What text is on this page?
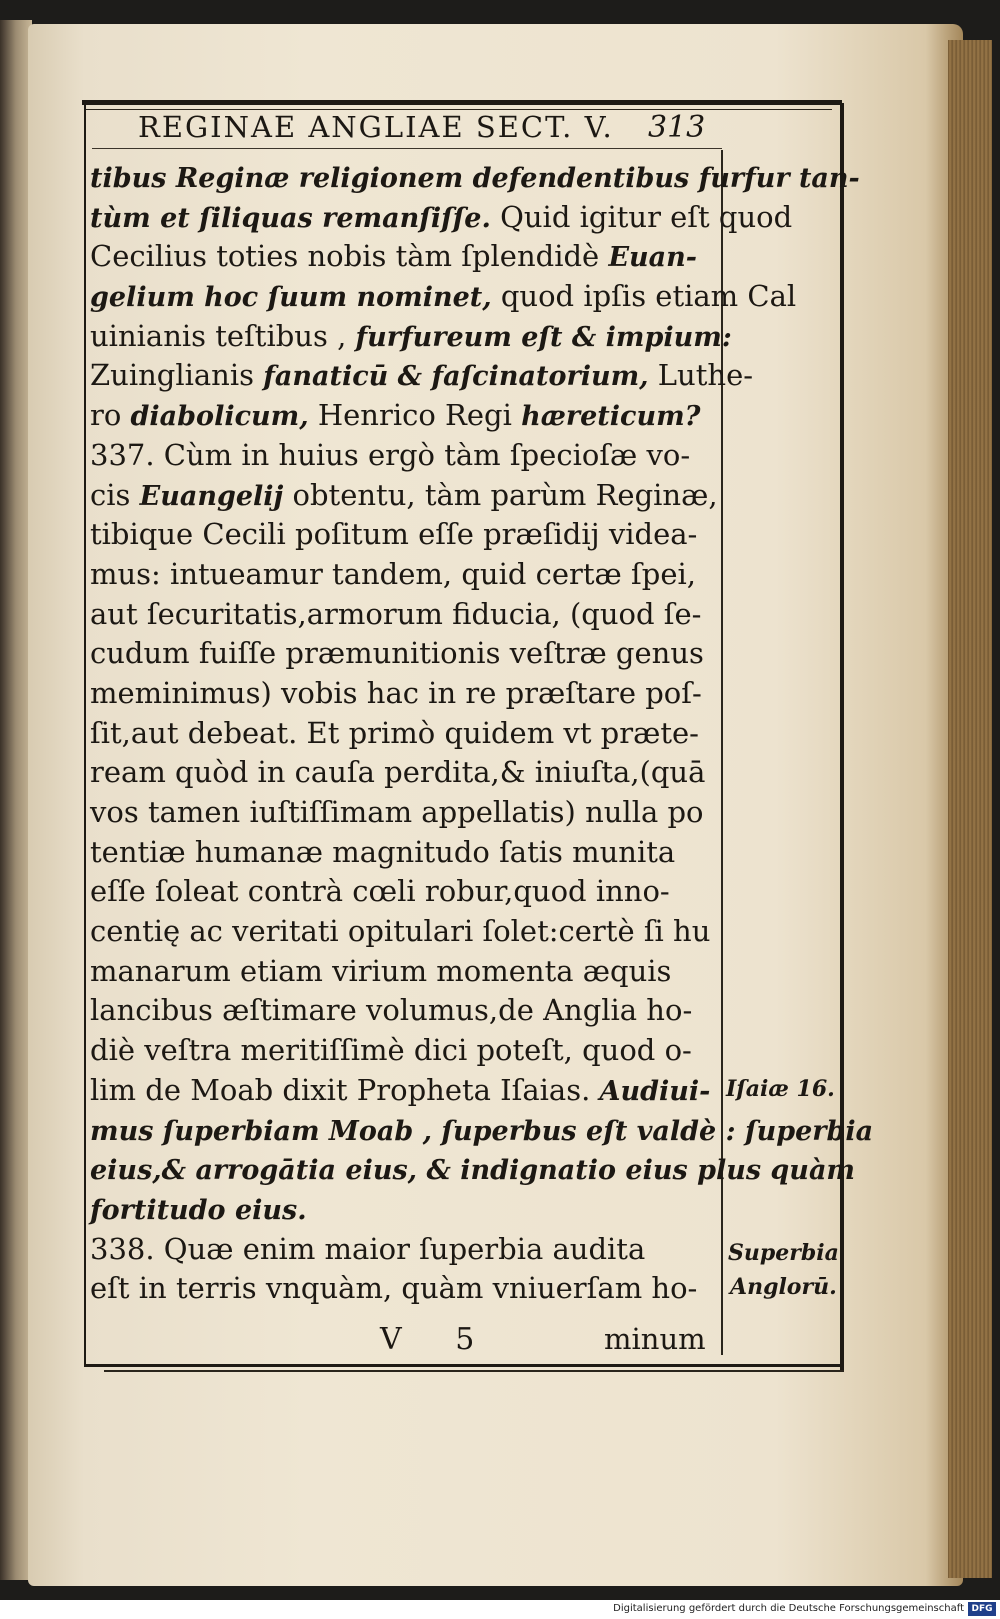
REGINAE ANGLIAE SECT. V.	313
tibus Reginæ religionem defendentibus furfur tan-
tùm et ſiliquas remanſiſſe. Quid igitur eſt quod
Cecilius toties nobis tàm ſplendidè Euan-
gelium hoc ſuum nominet, quod ipſis etiam Cal
uinianis teſtibus , furfureum eſt & impium:
Zuinglianis fanaticū & faſcinatorium, Luthe-
ro diabolicum, Henrico Regi hæreticum?
337. Cùm in huius ergò tàm ſpecioſæ vo-
cis Euangelij obtentu, tàm parùm Reginæ,
tibique Cecili poſitum eſſe præſidij videa-
mus: intueamur tandem, quid certæ ſpei,
aut ſecuritatis,armorum fiducia, (quod ſe-
cudum fuiſſe præmunitionis veſtræ genus
meminimus) vobis hac in re præſtare poſ-
ſit,aut debeat. Et primò quidem vt præte-
ream quòd in cauſa perdita,& iniuſta,(quā
vos tamen iuſtiſſimam appellatis) nulla po
tentiæ humanæ magnitudo ſatis munita
eſſe ſoleat contrà cœli robur,quod inno-
centię ac veritati opitulari ſolet:certè ſi hu
manarum etiam virium momenta æquis
lancibus æſtimare volumus,de Anglia ho-
diè veſtra meritiſſimè dici poteſt, quod o-
lim de Moab dixit Propheta Iſaias. Audiui-
mus ſuperbiam Moab , ſuperbus eſt valdè : ſuperbia
eius,& arrogātia eius, & indignatio eius plus quàm
fortitudo eius.
338. Quæ enim maior ſuperbia audita
eſt in terris vnquàm, quàm vniuerſam ho-
Iſaiæ 16.
Superbia
Anglorū.
V 5	minum
Digitalisierung gefördert durch die Deutsche Forschungsgemeinschaft DFG
